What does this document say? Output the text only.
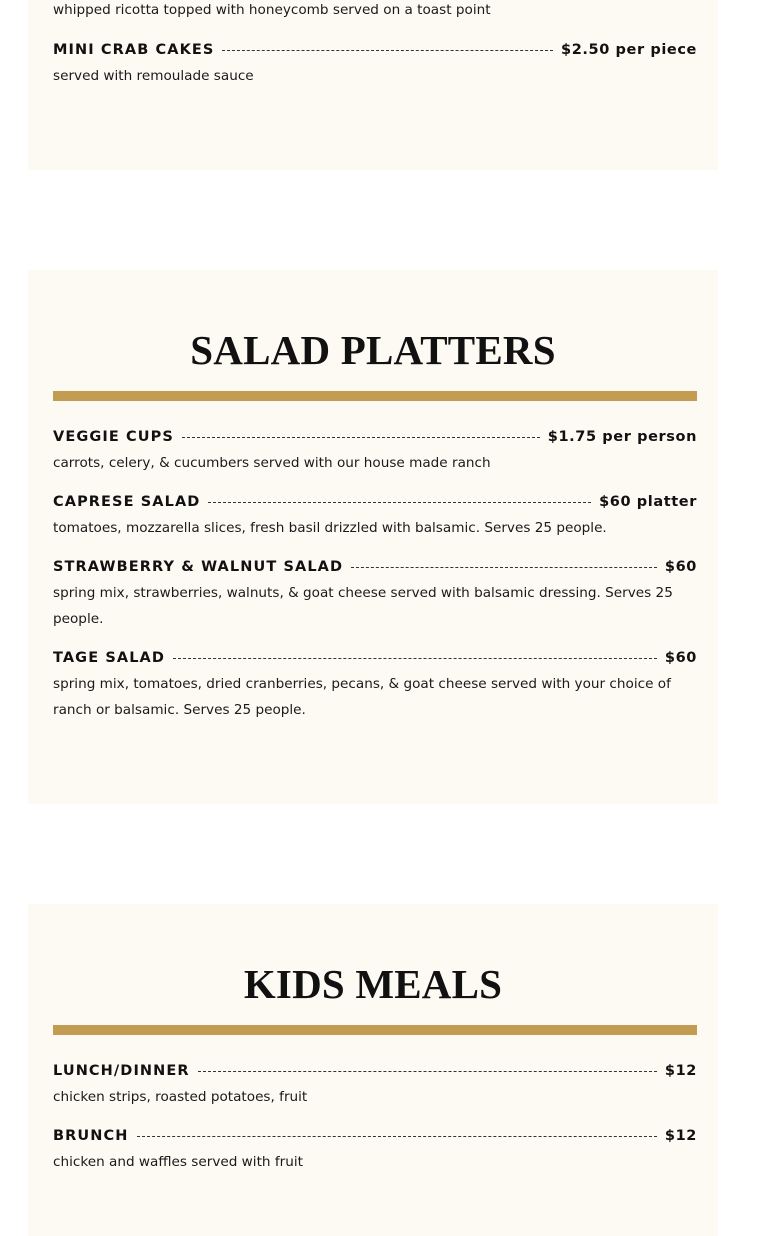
whipped ricotta topped with honeycomb served on a toast point
MINI CRAB CAKES	$2.50 per piece
served with remoulade sauce
SALAD PLATTERS
VEGGIE CUPS	$1.75 per person
carrots, celery, & cucumbers served with our house made ranch
CAPRESE SALAD	$60 platter
tomatoes, mozzarella slices, fresh basil drizzled with balsamic. Serves 25 people.
STRAWBERRY & WALNUT SALAD	$60
spring mix, strawberries, walnuts, & goat cheese served with balsamic dressing. Serves 25 people.
TAGE SALAD	$60
spring mix, tomatoes, dried cranberries, pecans, & goat cheese served with your choice of ranch or balsamic. Serves 25 people.
KIDS MEALS
LUNCH/DINNER	$12
chicken strips, roasted potatoes, fruit
BRUNCH	$12
chicken and waffles served with fruit
